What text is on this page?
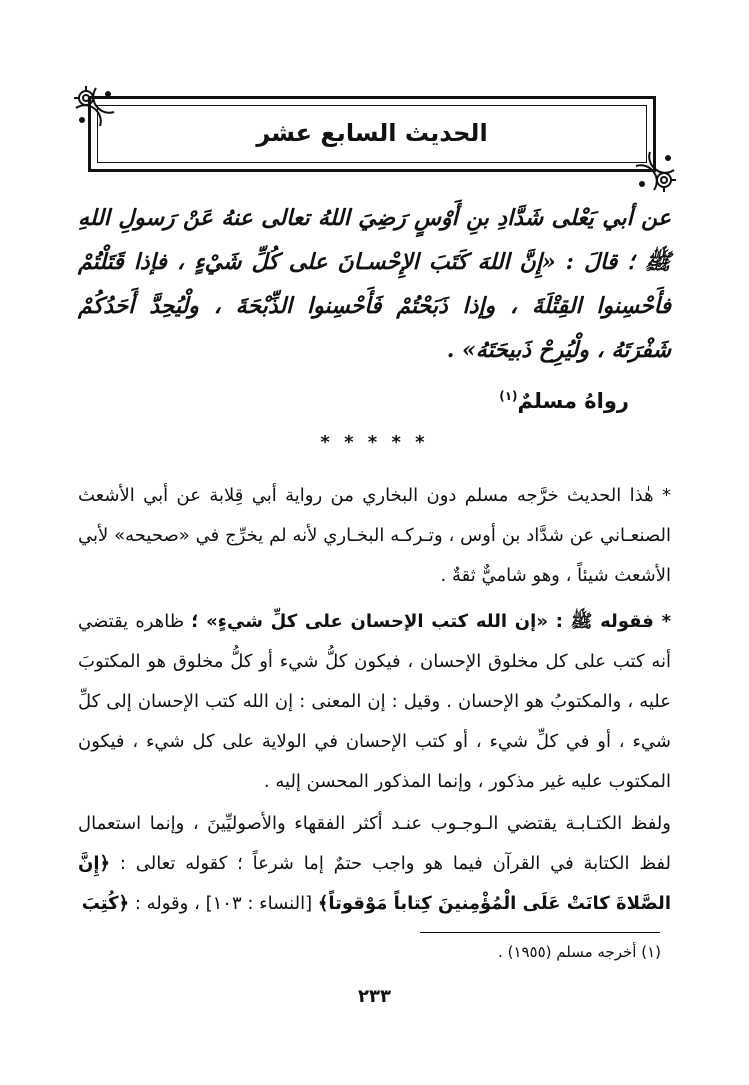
الحديث السابع عشر
عن أبي يَعْلى شَدَّادِ بنِ أَوْسٍ رَضِيَ اللهُ تعالى عنهُ عَنْ رَسولِ اللهِ ﷺ ؛ قالَ : «إِنَّ اللهَ كَتَبَ الإِحْسـانَ على كُلِّ شَيْءٍ ، فإذا قَتَلْتُمْ فأَحْسِنوا القِتْلَةَ ، وإذا ذَبَحْتُمْ فَأَحْسِنوا الذِّبْحَةَ ، ولْيُحِدَّ أَحَدُكُمْ شَفْرَتَهُ ، ولْيُرِحْ ذَبيحَتَهُ» .
رواهُ مسلمٌ$^{(١)}$
* * * * *
* هٰذا الحديث خرَّجه مسلم دون البخاري من رواية أبي قِلابة عن أبي الأشعث الصنعـاني عن شدَّاد بن أوس ، وتـركـه البخـاري لأنه لم يخرِّج في «صحيحه» لأبي الأشعث شيئاً ، وهو شاميٌّ ثقةٌ .
* فقوله ﷺ : «إن الله كتب الإحسان على كلِّ شيءٍ» ؛ ظاهره يقتضي أنه كتب على كل مخلوق الإحسان ، فيكون كلُّ شيء أو كلُّ مخلوق هو المكتوبَ عليه ، والمكتوبُ هو الإحسان . وقيل : إن المعنى : إن الله كتب الإحسان إلى كلِّ شيء ، أو في كلِّ شيء ، أو كتب الإحسان في الولاية على كل شيء ، فيكون المكتوب عليه غير مذكور ، وإنما المذكور المحسن إليه .
ولفظ الكتـابـة يقتضي الـوجـوب عنـد أكثر الفقهاء والأصوليِّينَ ، وإنما استعمال لفظ الكتابة في القرآن فيما هو واجب حتمٌ إما شرعاً ؛ كقوله تعالى : ﴿إِنَّ الصَّلاةَ كانَتْ عَلَى الْمُؤْمِنينَ كِتاباً مَوْقوتاً﴾ [النساء : ١٠٣] ، وقوله : ﴿كُتِبَ
(١) أخرجه مسلم (١٩٥٥) .
٢٣٣
